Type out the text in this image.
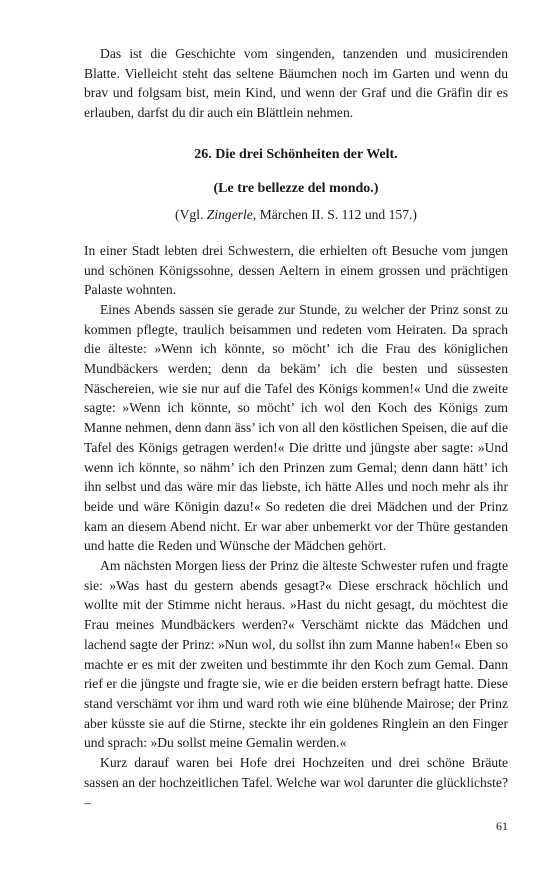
Das ist die Geschichte vom singenden, tanzenden und musicirenden Blatte. Vielleicht steht das seltene Bäumchen noch im Garten und wenn du brav und folgsam bist, mein Kind, und wenn der Graf und die Gräfin dir es erlauben, darfst du dir auch ein Blättlein nehmen.

26. Die drei Schönheiten der Welt.

(Le tre bellezze del mondo.)

(Vgl. Zingerle, Märchen II. S. 112 und 157.)

In einer Stadt lebten drei Schwestern, die erhielten oft Besuche vom jungen und schönen Königssohne, dessen Aeltern in einem grossen und prächtigen Palaste wohnten.

Eines Abends sassen sie gerade zur Stunde, zu welcher der Prinz sonst zu kommen pflegte, traulich beisammen und redeten vom Heiraten. Da sprach die älteste: »Wenn ich könnte, so möcht’ ich die Frau des königlichen Mundbäckers werden; denn da bekäm’ ich die besten und süssesten Näschereien, wie sie nur auf die Tafel des Königs kommen!« Und die zweite sagte: »Wenn ich könnte, so möcht’ ich wol den Koch des Königs zum Manne nehmen, denn dann äss’ ich von all den köstlichen Speisen, die auf die Tafel des Königs getragen werden!« Die dritte und jüngste aber sagte: »Und wenn ich könnte, so nähm’ ich den Prinzen zum Gemal; denn dann hätt’ ich ihn selbst und das wäre mir das liebste, ich hätte Alles und noch mehr als ihr beide und wäre Königin dazu!« So redeten die drei Mädchen und der Prinz kam an diesem Abend nicht. Er war aber unbemerkt vor der Thüre gestanden und hatte die Reden und Wünsche der Mädchen gehört.

Am nächsten Morgen liess der Prinz die älteste Schwester rufen und fragte sie: »Was hast du gestern abends gesagt?« Diese erschrack höchlich und wollte mit der Stimme nicht heraus. »Hast du nicht gesagt, du möchtest die Frau meines Mundbäckers werden?« Verschämt nickte das Mädchen und lachend sagte der Prinz: »Nun wol, du sollst ihn zum Manne haben!« Eben so machte er es mit der zweiten und bestimmte ihr den Koch zum Gemal. Dann rief er die jüngste und fragte sie, wie er die beiden erstern befragt hatte. Diese stand verschämt vor ihm und ward roth wie eine blühende Mairose; der Prinz aber küsste sie auf die Stirne, steckte ihr ein goldenes Ringlein an den Finger und sprach: »Du sollst meine Gemalin werden.«

Kurz darauf waren bei Hofe drei Hochzeiten und drei schöne Bräute sassen an der hochzeitlichen Tafel. Welche war wol darunter die glücklichste? –

61
